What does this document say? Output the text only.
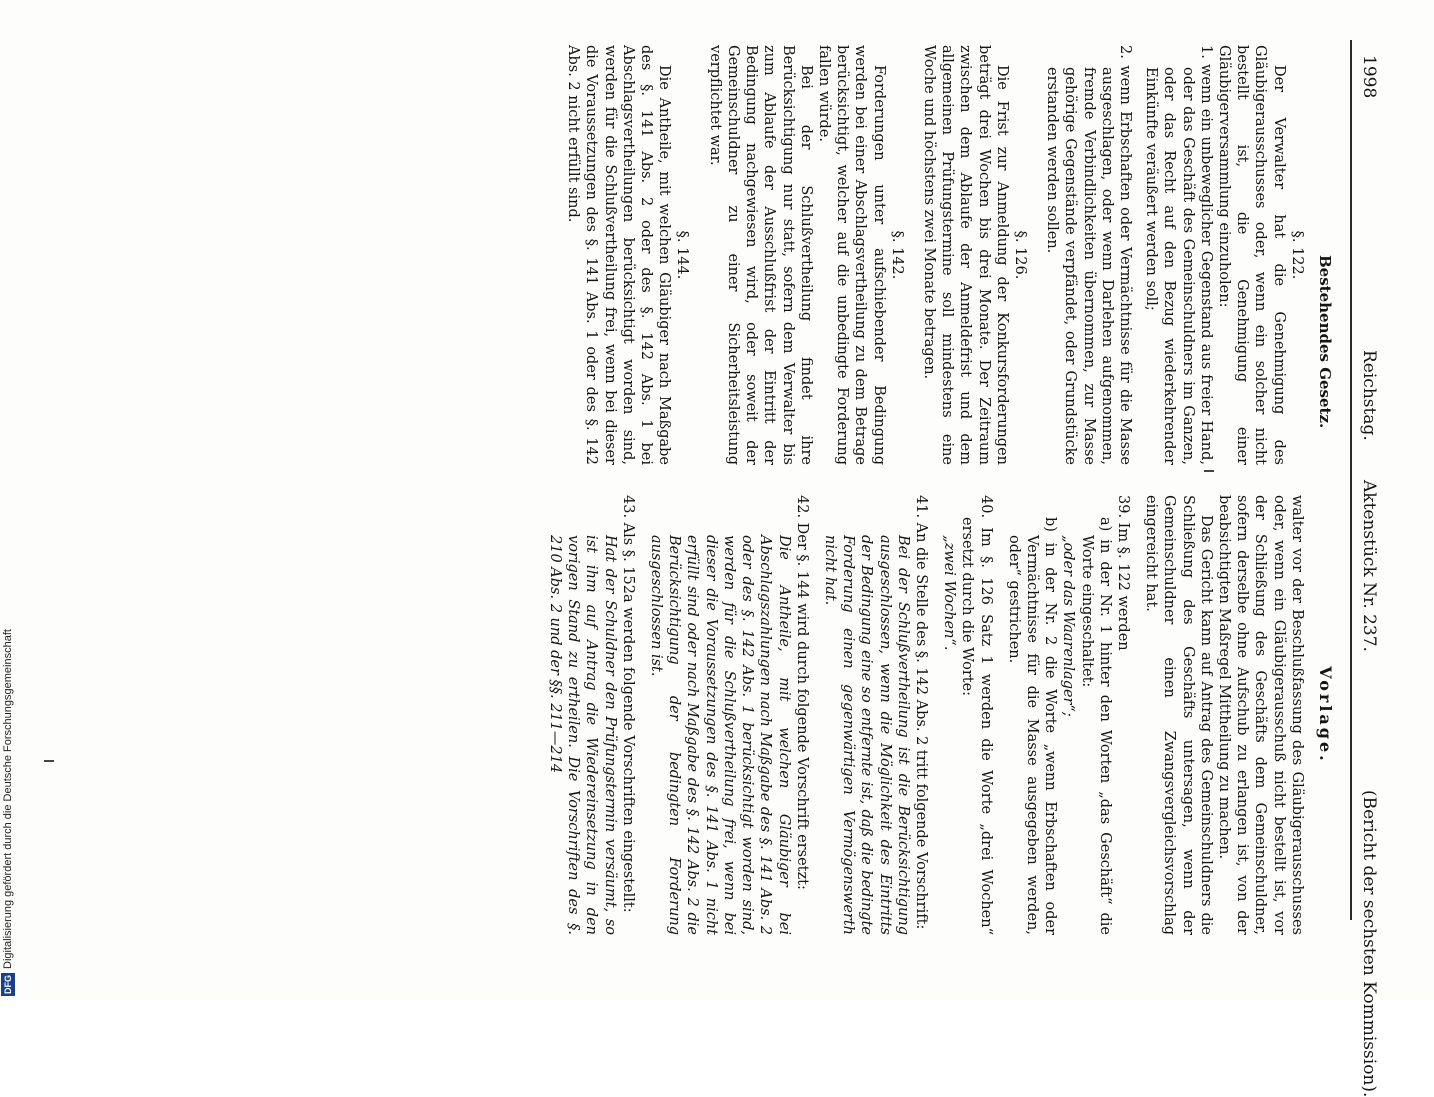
1998
Reichstag.
Aktenstück Nr. 237.
(Bericht der sechsten Kommission).

Bestehendes Gesetz.

§. 122.

Der Verwalter hat die Genehmigung des Gläubigerausschusses oder, wenn ein solcher nicht bestellt ist, die Genehmigung einer Gläubigerversammlung einzuholen:

1. wenn ein unbeweglicher Gegenstand aus freier Hand, oder das Geschäft des Gemeinschuldners im Ganzen, oder das Recht auf den Bezug wiederkehrender Einkünfte veräußert werden soll;

2. wenn Erbschaften oder Vermächtnisse für die Masse ausgeschlagen, oder wenn Darlehen aufgenommen, fremde Verbindlichkeiten übernommen, zur Masse gehörige Gegenstände verpfändet, oder Grundstücke erstanden werden sollen.

§. 126.

Die Frist zur Anmeldung der Konkursforderungen beträgt drei Wochen bis drei Monate. Der Zeitraum zwischen dem Ablaufe der Anmeldefrist und dem allgemeinen Prüfungstermine soll mindestens eine Woche und höchstens zwei Monate betragen.

§. 142.

Forderungen unter aufschiebender Bedingung werden bei einer Abschlagsvertheilung zu dem Betrage berücksichtigt, welcher auf die unbedingte Forderung fallen würde.

Bei der Schlußvertheilung findet ihre Berücksichtigung nur statt, sofern dem Verwalter bis zum Ablaufe der Ausschlußfrist der Eintritt der Bedingung nachgewiesen wird, oder soweit der Gemeinschuldner zu einer Sicherheitsleistung verpflichtet war.

§. 144.

Die Antheile, mit welchen Gläubiger nach Maßgabe des §. 141 Abs. 2 oder des §. 142 Abs. 1 bei Abschlagsvertheilungen berücksichtigt worden sind, werden für die Schlußvertheilung frei, wenn bei dieser die Voraussetzungen des §. 141 Abs. 1 oder des §. 142 Abs. 2 nicht erfüllt sind.

Vorlage.

walter vor der Beschlußfassung des Gläubigerausschusses oder, wenn ein Gläubigerausschuß nicht bestellt ist, vor der Schließung des Geschäfts dem Gemeinschuldner, sofern derselbe ohne Aufschub zu erlangen ist, von der beabsichtigten Maßregel Mittheilung zu machen.

Das Gericht kann auf Antrag des Gemeinschuldners die Schließung des Geschäfts untersagen, wenn der Gemeinschuldner einen Zwangsvergleichsvorschlag eingereicht hat.

39. Im §. 122 werden

a) in der Nr. 1 hinter den Worten „das Geschäft“ die Worte eingeschaltet:

„oder das Waarenlager“;

b) in der Nr. 2 die Worte „wenn Erbschaften oder Vermächtnisse für die Masse ausgegeben werden, oder“ gestrichen.

40. Im §. 126 Satz 1 werden die Worte „drei Wochen“ ersetzt durch die Worte:

„zwei Wochen“.

41. An die Stelle des §. 142 Abs. 2 tritt folgende Vorschrift:

Bei der Schlußvertheilung ist die Berücksichtigung ausgeschlossen, wenn die Möglichkeit des Eintritts der Bedingung eine so entfernte ist, daß die bedingte Forderung einen gegenwärtigen Vermögenswerth nicht hat.

42. Der §. 144 wird durch folgende Vorschrift ersetzt:

Die Antheile, mit welchen Gläubiger bei Abschlagszahlungen nach Maßgabe des §. 141 Abs. 2 oder des §. 142 Abs. 1 berücksichtigt worden sind, werden für die Schlußvertheilung frei, wenn bei dieser die Voraussetzungen des §. 141 Abs. 1 nicht erfüllt sind oder nach Maßgabe des §. 142 Abs. 2 die Berücksichtigung der bedingten Forderung ausgeschlossen ist.

43. Als §. 152a werden folgende Vorschriften eingestellt:

Hat der Schuldner den Prüfungstermin versäumt, so ist ihm auf Antrag die Wiedereinsetzung in den vorigen Stand zu ertheilen. Die Vorschriften des §. 210 Abs. 2 und der §§. 211—214

DFG
Digitalisierung gefördert durch die Deutsche Forschungsgemeinschaft
